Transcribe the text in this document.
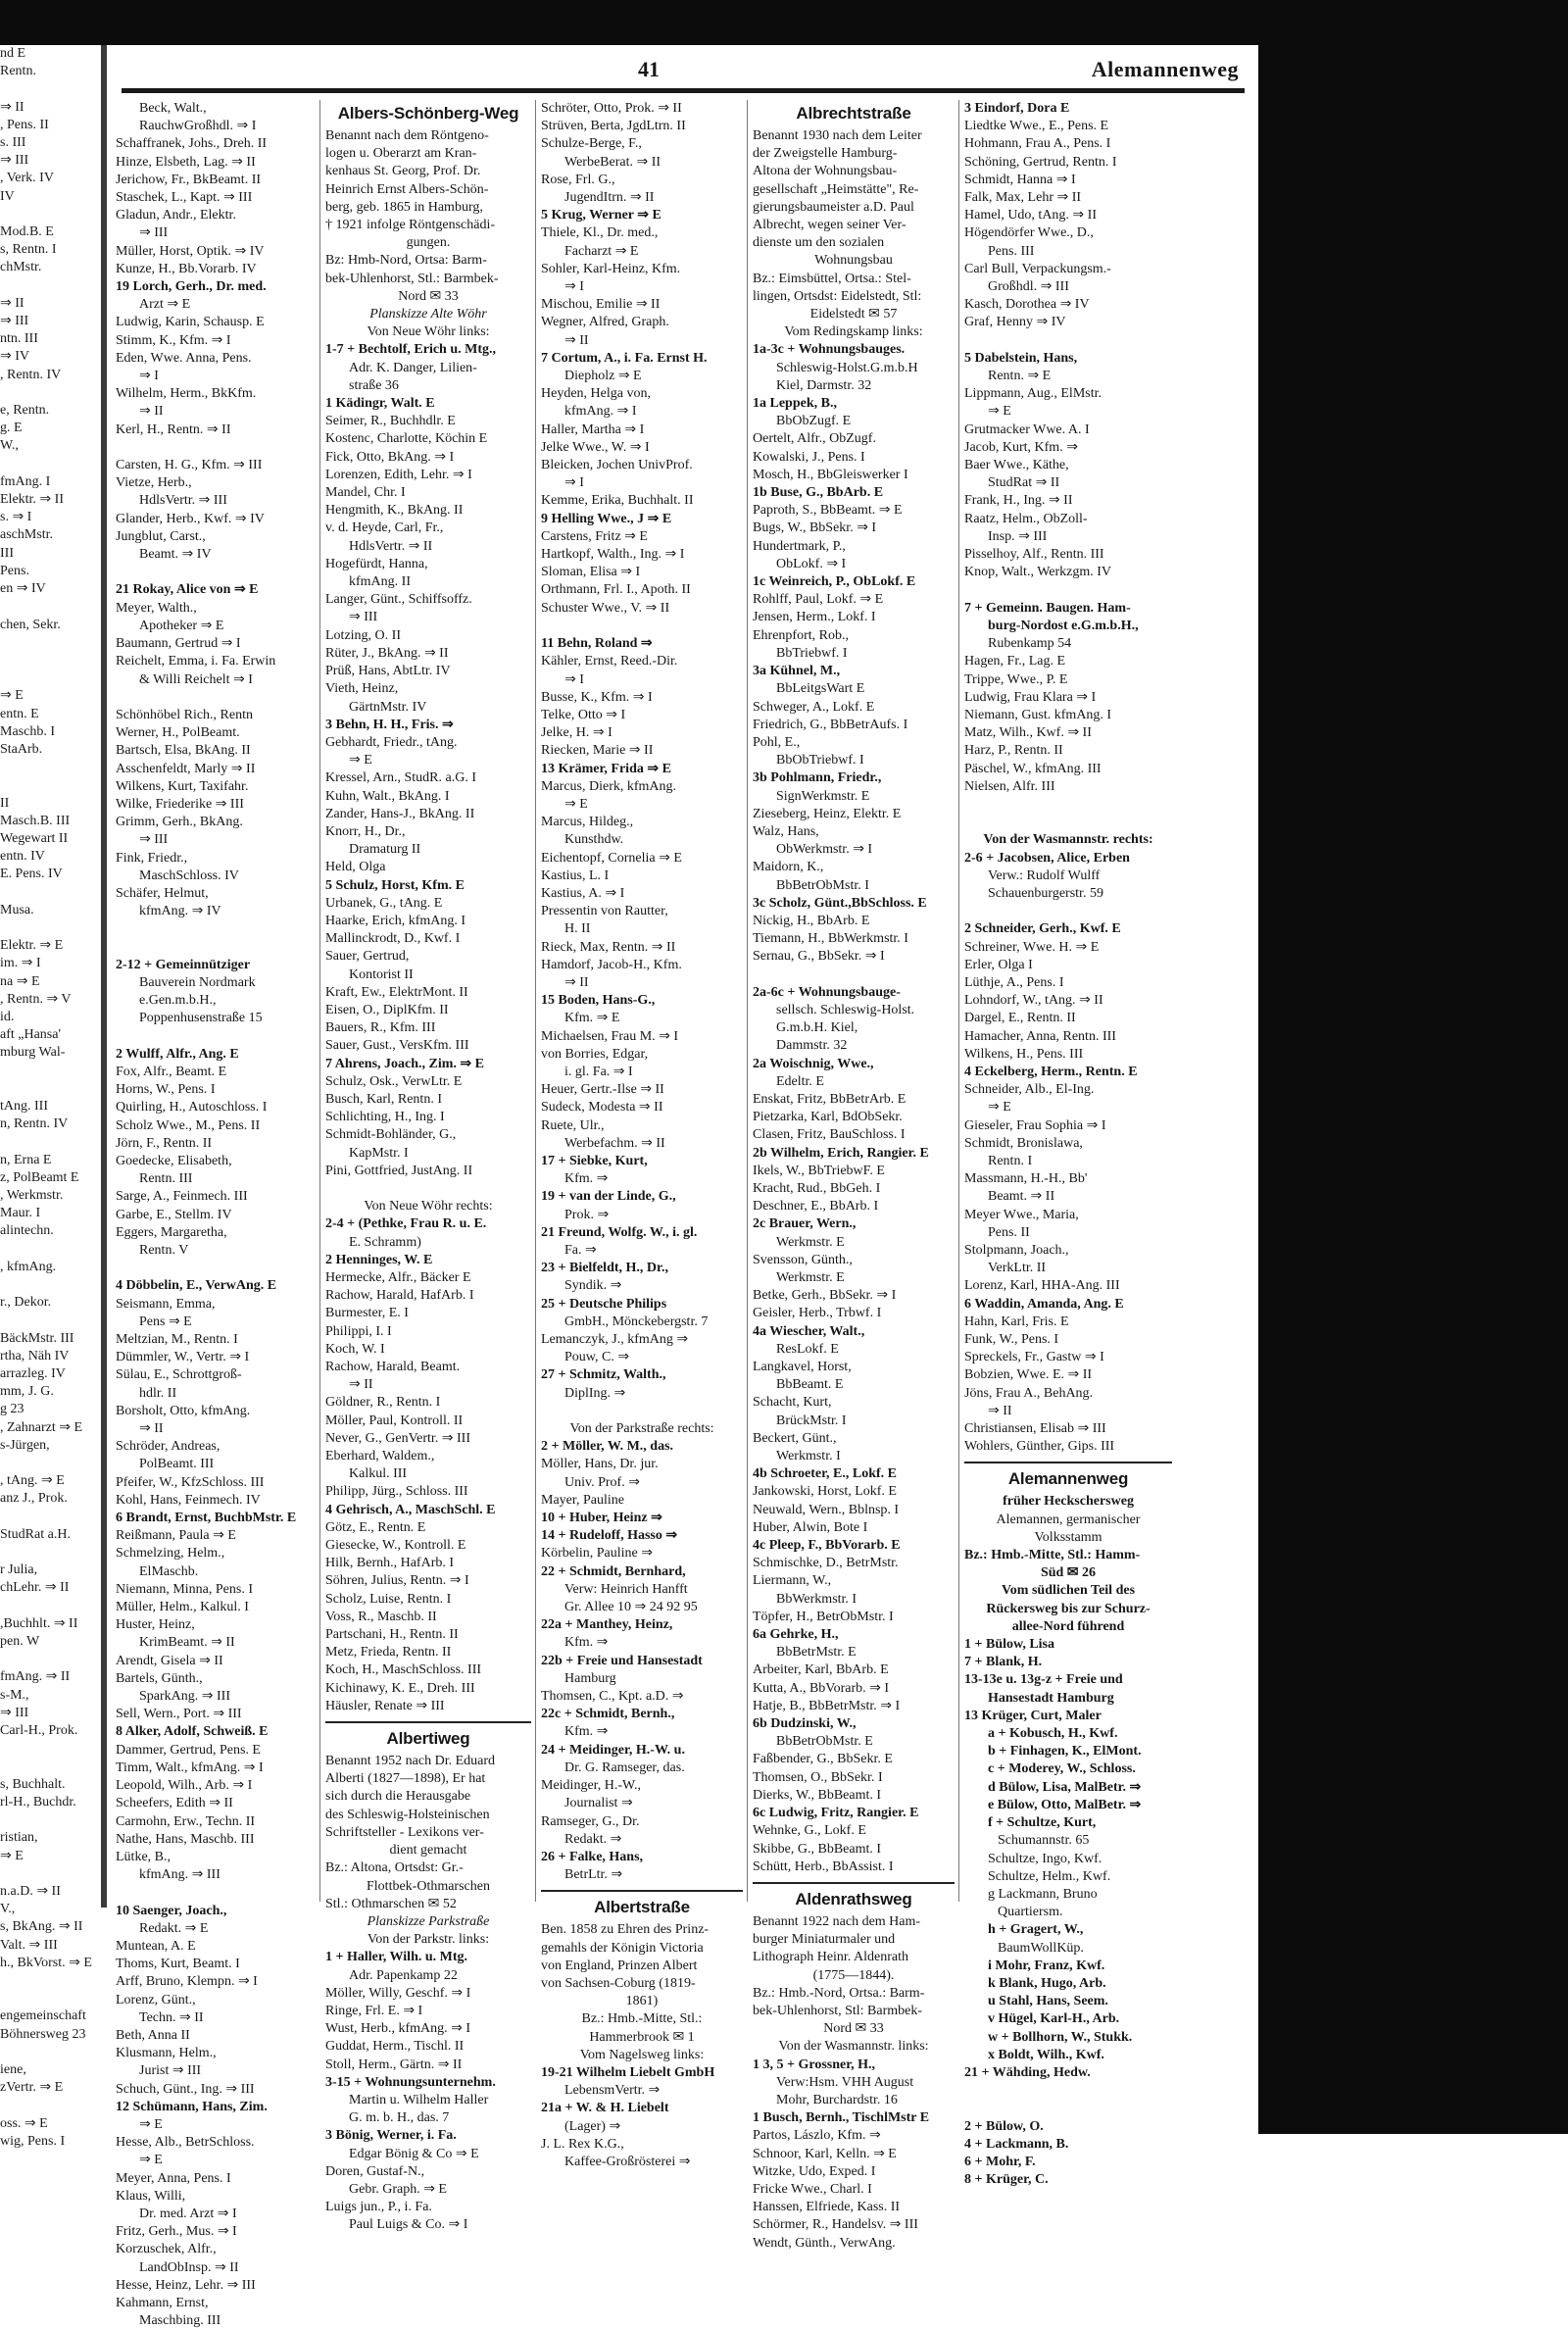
nd E
Rentn.

⇒ II
, Pens. II
s. III
⇒ III
, Verk. IV
IV

Mod.B. E
s, Rentn. I
chMstr.

⇒ II
⇒ III
ntn. III
⇒ IV
, Rentn. IV

e, Rentn.
g. E
W.,

fmAng. I
Elektr. ⇒ II
s. ⇒ I
aschMstr.
III
Pens.
en ⇒ IV

chen, Sekr.

⇒ E
entn. E
Maschb. I
StaArb.

II
Masch.B. III
Wegewart II
entn. IV
E. Pens. IV

Musa.

Elektr. ⇒ E
im. ⇒ I
na ⇒ E
, Rentn. ⇒ V
id.
aft „Hansa'
mburg Wal-

tAng. III
n, Rentn. IV

n, Erna E
z, PolBeamt E
, Werkmstr.
Maur. I
alintechn.

, kfmAng.

r., Dekor.

BäckMstr. III
rtha, Näh IV
arrazleg. IV
mm, J. G.
g 23
, Zahnarzt ⇒ E
s-Jürgen,

, tAng. ⇒ E
anz J., Prok.

StudRat a.H.

r Julia,
chLehr. ⇒ II

,Buchhlt. ⇒ II
pen. W

fmAng. ⇒ II
s-M.,
⇒ III
Carl-H., Prok.

s, Buchhalt.
rl-H., Buchdr.

ristian,
⇒ E

n.a.D. ⇒ II
V.,
s, BkAng. ⇒ II
Valt. ⇒ III
h., BkVorst. ⇒ E

engemeinschaft
Böhnersweg 23

iene,
zVertr. ⇒ E

oss. ⇒ E
wig, Pens. I
41	Alemannenweg
Beck, Walt.,
RauchwGroßhdl. ⇒ I
Schaffranek, Johs., Dreh. II
Hinze, Elsbeth, Lag. ⇒ II
Jerichow, Fr., BkBeamt. II
Staschek, L., Kapt. ⇒ III
Gladun, Andr., Elektr.
⇒ III
Müller, Horst, Optik. ⇒ IV
Kunze, H., Bb.Vorarb. IV
19 Lorch, Gerh., Dr. med.
Arzt ⇒ E
Ludwig, Karin, Schausp. E
Stimm, K., Kfm. ⇒ I
Eden, Wwe. Anna, Pens.
⇒ I
Wilhelm, Herm., BkKfm.
⇒ II
Kerl, H., Rentn. ⇒ II

Carsten, H. G., Kfm. ⇒ III
Vietze, Herb.,
HdlsVertr. ⇒ III
Glander, Herb., Kwf. ⇒ IV
Jungblut, Carst.,
Beamt. ⇒ IV

21 Rokay, Alice von ⇒ E
Meyer, Walth.,
Apotheker ⇒ E
Baumann, Gertrud ⇒ I
Reichelt, Emma, i. Fa. Erwin
& Willi Reichelt ⇒ I

Schönhöbel Rich., Rentn
Werner, H., PolBeamt.
Bartsch, Elsa, BkAng. II
Asschenfeldt, Marly ⇒ II
Wilkens, Kurt, Taxifahr.
Wilke, Friederike ⇒ III
Grimm, Gerh., BkAng.
⇒ III
Fink, Friedr.,
MaschSchloss. IV
Schäfer, Helmut,
kfmAng. ⇒ IV

2-12 + Gemeinnütziger
Bauverein Nordmark
e.Gen.m.b.H.,
Poppenhusenstraße 15

2 Wulff, Alfr., Ang. E
Fox, Alfr., Beamt. E
Horns, W., Pens. I
Quirling, H., Autoschloss. I
Scholz Wwe., M., Pens. II
Jörn, F., Rentn. II
Goedecke, Elisabeth,
Rentn. III
Sarge, A., Feinmech. III
Garbe, E., Stellm. IV
Eggers, Margaretha,
Rentn. V

4 Döbbelin, E., VerwAng. E
Seismann, Emma,
Pens ⇒ E
Meltzian, M., Rentn. I
Dümmler, W., Vertr. ⇒ I
Sülau, E., Schrottgroß-
hdlr. II
Borsholt, Otto, kfmAng.
⇒ II
Schröder, Andreas,
PolBeamt. III
Pfeifer, W., KfzSchloss. III
Kohl, Hans, Feinmech. IV
6 Brandt, Ernst, BuchbMstr. E
Reißmann, Paula ⇒ E
Schmelzing, Helm.,
ElMaschb.
Niemann, Minna, Pens. I
Müller, Helm., Kalkul. I
Huster, Heinz,
KrimBeamt. ⇒ II
Arendt, Gisela ⇒ II
Bartels, Günth.,
SparkAng. ⇒ III
Sell, Wern., Port. ⇒ III
8 Alker, Adolf, Schweiß. E
Dammer, Gertrud, Pens. E
Timm, Walt., kfmAng. ⇒ I
Leopold, Wilh., Arb. ⇒ I
Scheefers, Edith ⇒ II
Carmohn, Erw., Techn. II
Nathe, Hans, Maschb. III
Lütke, B.,
kfmAng. ⇒ III

10 Saenger, Joach.,
Redakt. ⇒ E
Muntean, A. E
Thoms, Kurt, Beamt. I
Arff, Bruno, Klempn. ⇒ I
Lorenz, Günt.,
Techn. ⇒ II
Beth, Anna II
Klusmann, Helm.,
Jurist ⇒ III
Schuch, Günt., Ing. ⇒ III
12 Schümann, Hans, Zim.
⇒ E
Hesse, Alb., BetrSchloss.
⇒ E
Meyer, Anna, Pens. I
Klaus, Willi,
Dr. med. Arzt ⇒ I
Fritz, Gerh., Mus. ⇒ I
Korzuschek, Alfr.,
LandObInsp. ⇒ II
Hesse, Heinz, Lehr. ⇒ III
Kahmann, Ernst,
Maschbing. III
Albers-Schönberg-Weg
Benannt nach dem Röntgeno-
logen u. Oberarzt am Kran-
kenhaus St. Georg, Prof. Dr.
Heinrich Ernst Albers-Schön-
berg, geb. 1865 in Hamburg,
† 1921 infolge Röntgenschädi-
gungen.
Bz: Hmb-Nord, Ortsa: Barm-
bek-Uhlenhorst, Stl.: Barmbek-
Nord ✉ 33
Planskizze Alte Wöhr
Von Neue Wöhr links:
1-7 + Bechtolf, Erich u. Mtg.,
Adr. K. Danger, Lilien-
straße 36
1 Kädingr, Walt. E
Seimer, R., Buchhdlr. E
Kostenc, Charlotte, Köchin E
Fick, Otto, BkAng. ⇒ I
Lorenzen, Edith, Lehr. ⇒ I
Mandel, Chr. I
Hengmith, K., BkAng. II
v. d. Heyde, Carl, Fr.,
HdlsVertr. ⇒ II
Hogefürdt, Hanna,
kfmAng. II
Langer, Günt., Schiffsoffz.
⇒ III
Lotzing, O. II
Rüter, J., BkAng. ⇒ II
Prüß, Hans, AbtLtr. IV
Vieth, Heinz,
GärtnMstr. IV
3 Behn, H. H., Fris. ⇒
Gebhardt, Friedr., tAng.
⇒ E
Kressel, Arn., StudR. a.G. I
Kuhn, Walt., BkAng. I
Zander, Hans-J., BkAng. II
Knorr, H., Dr.,
Dramaturg II
Held, Olga
5 Schulz, Horst, Kfm. E
Urbanek, G., tAng. E
Haarke, Erich, kfmAng. I
Mallinckrodt, D., Kwf. I
Sauer, Gertrud,
Kontorist II
Kraft, Ew., ElektrMont. II
Eisen, O., DiplKfm. II
Bauers, R., Kfm. III
Sauer, Gust., VersKfm. III
7 Ahrens, Joach., Zim. ⇒ E
Schulz, Osk., VerwLtr. E
Busch, Karl, Rentn. I
Schlichting, H., Ing. I
Schmidt-Bohländer, G.,
KapMstr. I
Pini, Gottfried, JustAng. II

Von Neue Wöhr rechts:
2-4 + (Pethke, Frau R. u. E.
E. Schramm)
2 Henninges, W. E
Hermecke, Alfr., Bäcker E
Rachow, Harald, HafArb. I
Burmester, E. I
Philippi, I. I
Koch, W. I
Rachow, Harald, Beamt.
⇒ II
Göldner, R., Rentn. I
Möller, Paul, Kontroll. II
Never, G., GenVertr. ⇒ III
Eberhard, Waldem.,
Kalkul. III
Philipp, Jürg., Schloss. III
4 Gehrisch, A., MaschSchl. E
Götz, E., Rentn. E
Giesecke, W., Kontroll. E
Hilk, Bernh., HafArb. I
Söhren, Julius, Rentn. ⇒ I
Scholz, Luise, Rentn. I
Voss, R., Maschb. II
Partschani, H., Rentn. II
Metz, Frieda, Rentn. II
Koch, H., MaschSchloss. III
Kichinawy, K. E., Dreh. III
Häusler, Renate ⇒ III
Albertiweg
Benannt 1952 nach Dr. Eduard
Alberti (1827—1898), Er hat
sich durch die Herausgabe
des Schleswig-Holsteinischen
Schriftsteller - Lexikons ver-
dient gemacht
Bz.: Altona, Ortsdst: Gr.-
Flottbek-Othmarschen
Stl.: Othmarschen ✉ 52
Planskizze Parkstraße
Von der Parkstr. links:
1 + Haller, Wilh. u. Mtg.
Adr. Papenkamp 22
Möller, Willy, Geschf. ⇒ I
Ringe, Frl. E. ⇒ I
Wust, Herb., kfmAng. ⇒ I
Guddat, Herm., Tischl. II
Stoll, Herm., Gärtn. ⇒ II
3-15 + Wohnungsunternehm.
Martin u. Wilhelm Haller
G. m. b. H., das. 7
3 Bönig, Werner, i. Fa.
Edgar Bönig & Co ⇒ E
Doren, Gustaf-N.,
Gebr. Graph. ⇒ E
Luigs jun., P., i. Fa.
Paul Luigs & Co. ⇒ I
Schröter, Otto, Prok. ⇒ II
Strüven, Berta, JgdLtrn. II
Schulze-Berge, F.,
WerbeBerat. ⇒ II
Rose, Frl. G.,
JugendItrn. ⇒ II
5 Krug, Werner ⇒ E
Thiele, Kl., Dr. med.,
Facharzt ⇒ E
Sohler, Karl-Heinz, Kfm.
⇒ I
Mischou, Emilie ⇒ II
Wegner, Alfred, Graph.
⇒ II
7 Cortum, A., i. Fa. Ernst H.
Diepholz ⇒ E
Heyden, Helga von,
kfmAng. ⇒ I
Haller, Martha ⇒ I
Jelke Wwe., W. ⇒ I
Bleicken, Jochen UnivProf.
⇒ I
Kemme, Erika, Buchhalt. II
9 Helling Wwe., J ⇒ E
Carstens, Fritz ⇒ E
Hartkopf, Walth., Ing. ⇒ I
Sloman, Elisa ⇒ I
Orthmann, Frl. I., Apoth. II
Schuster Wwe., V. ⇒ II

11 Behn, Roland ⇒
Kähler, Ernst, Reed.-Dir.
⇒ I
Busse, K., Kfm. ⇒ I
Telke, Otto ⇒ I
Jelke, H. ⇒ I
Riecken, Marie ⇒ II
13 Krämer, Frida ⇒ E
Marcus, Dierk, kfmAng.
⇒ E
Marcus, Hildeg.,
Kunsthdw.
Eichentopf, Cornelia ⇒ E
Kastius, L. I
Kastius, A. ⇒ I
Pressentin von Rautter,
H. II
Rieck, Max, Rentn. ⇒ II
Hamdorf, Jacob-H., Kfm.
⇒ II
15 Boden, Hans-G.,
Kfm. ⇒ E
Michaelsen, Frau M. ⇒ I
von Borries, Edgar,
i. gl. Fa. ⇒ I
Heuer, Gertr.-Ilse ⇒ II
Sudeck, Modesta ⇒ II
Ruete, Ulr.,
Werbefachm. ⇒ II
17 + Siebke, Kurt,
Kfm. ⇒
19 + van der Linde, G.,
Prok. ⇒
21 Freund, Wolfg. W., i. gl.
Fa. ⇒
23 + Bielfeldt, H., Dr.,
Syndik. ⇒
25 + Deutsche Philips
GmbH., Mönckebergstr. 7
Lemanczyk, J., kfmAng ⇒
Pouw, C. ⇒
27 + Schmitz, Walth.,
DiplIng. ⇒

Von der Parkstraße rechts:
2 + Möller, W. M., das.
Möller, Hans, Dr. jur.
Univ. Prof. ⇒
Mayer, Pauline
10 + Huber, Heinz ⇒
14 + Rudeloff, Hasso ⇒
Körbelin, Pauline ⇒
22 + Schmidt, Bernhard,
Verw: Heinrich Hanfft
Gr. Allee 10 ⇒ 24 92 95
22a + Manthey, Heinz,
Kfm. ⇒
22b + Freie und Hansestadt
Hamburg
Thomsen, C., Kpt. a.D. ⇒
22c + Schmidt, Bernh.,
Kfm. ⇒
24 + Meidinger, H.-W. u.
Dr. G. Ramseger, das.
Meidinger, H.-W.,
Journalist ⇒
Ramseger, G., Dr.
Redakt. ⇒
26 + Falke, Hans,
BetrLtr. ⇒
Albertstraße
Ben. 1858 zu Ehren des Prinz-
gemahls der Königin Victoria
von England, Prinzen Albert
von Sachsen-Coburg (1819-
1861)
Bz.: Hmb.-Mitte, Stl.:
Hammerbrook ✉ 1
Vom Nagelsweg links:
19-21 Wilhelm Liebelt GmbH
LebensmVertr. ⇒
21a + W. & H. Liebelt
(Lager) ⇒
J. L. Rex K.G.,
Kaffee-Großrösterei ⇒
Albrechtstraße
Benannt 1930 nach dem Leiter
der Zweigstelle Hamburg-
Altona der Wohnungsbau-
gesellschaft „Heimstätte", Re-
gierungsbaumeister a.D. Paul
Albrecht, wegen seiner Ver-
dienste um den sozialen
Wohnungsbau
Bz.: Eimsbüttel, Ortsa.: Stel-
lingen, Ortsdst: Eidelstedt, Stl:
Eidelstedt ✉ 57
Vom Redingskamp links:
1a-3c + Wohnungsbauges.
Schleswig-Holst.G.m.b.H
Kiel, Darmstr. 32
1a Leppek, B.,
BbObZugf. E
Oertelt, Alfr., ObZugf.
Kowalski, J., Pens. I
Mosch, H., BbGleiswerker I
1b Buse, G., BbArb. E
Paproth, S., BbBeamt. ⇒ E
Bugs, W., BbSekr. ⇒ I
Hundertmark, P.,
ObLokf. ⇒ I
1c Weinreich, P., ObLokf. E
Rohlff, Paul, Lokf. ⇒ E
Jensen, Herm., Lokf. I
Ehrenpfort, Rob.,
BbTriebwf. I
3a Kühnel, M.,
BbLeitgsWart E
Schweger, A., Lokf. E
Friedrich, G., BbBetrAufs. I
Pohl, E.,
BbObTriebwf. I
3b Pohlmann, Friedr.,
SignWerkmstr. E
Zieseberg, Heinz, Elektr. E
Walz, Hans,
ObWerkmstr. ⇒ I
Maidorn, K.,
BbBetrObMstr. I
3c Scholz, Günt.,BbSchloss. E
Nickig, H., BbArb. E
Tiemann, H., BbWerkmstr. I
Sernau, G., BbSekr. ⇒ I

2a-6c + Wohnungsbauge-
sellsch. Schleswig-Holst.
G.m.b.H. Kiel,
Dammstr. 32
2a Woischnig, Wwe.,
Edeltr. E
Enskat, Fritz, BbBetrArb. E
Pietzarka, Karl, BdObSekr.
Clasen, Fritz, BauSchloss. I
2b Wilhelm, Erich, Rangier. E
Ikels, W., BbTriebwF. E
Kracht, Rud., BbGeh. I
Deschner, E., BbArb. I
2c Brauer, Wern.,
Werkmstr. E
Svensson, Günth.,
Werkmstr. E
Betke, Gerh., BbSekr. ⇒ I
Geisler, Herb., Trbwf. I
4a Wiescher, Walt.,
ResLokf. E
Langkavel, Horst,
BbBeamt. E
Schacht, Kurt,
BrückMstr. I
Beckert, Günt.,
Werkmstr. I
4b Schroeter, E., Lokf. E
Jankowski, Horst, Lokf. E
Neuwald, Wern., Bblnsp. I
Huber, Alwin, Bote I
4c Pleep, F., BbVorarb. E
Schmischke, D., BetrMstr.
Liermann, W.,
BbWerkmstr. I
Töpfer, H., BetrObMstr. I
6a Gehrke, H.,
BbBetrMstr. E
Arbeiter, Karl, BbArb. E
Kutta, A., BbVorarb. ⇒ I
Hatje, B., BbBetrMstr. ⇒ I
6b Dudzinski, W.,
BbBetrObMstr. E
Faßbender, G., BbSekr. E
Thomsen, O., BbSekr. I
Dierks, W., BbBeamt. I
6c Ludwig, Fritz, Rangier. E
Wehnke, G., Lokf. E
Skibbe, G., BbBeamt. I
Schütt, Herb., BbAssist. I
Aldenrathsweg
Benannt 1922 nach dem Ham-
burger Miniaturmaler und
Lithograph Heinr. Aldenrath
(1775—1844).
Bz.: Hmb.-Nord, Ortsa.: Barm-
bek-Uhlenhorst, Stl: Barmbek-
Nord ✉ 33
Von der Wasmannstr. links:
1 3, 5 + Grossner, H.,
Verw:Hsm. VHH August
Mohr, Burchardstr. 16
1 Busch, Bernh., TischlMstr E
Partos, Lászlo, Kfm. ⇒
Schnoor, Karl, Kelln. ⇒ E
Witzke, Udo, Exped. I
Fricke Wwe., Charl. I
Hanssen, Elfriede, Kass. II
Schörmer, R., Handelsv. ⇒ III
Wendt, Günth., VerwAng.
3 Eindorf, Dora E
Liedtke Wwe., E., Pens. E
Hohmann, Frau A., Pens. I
Schöning, Gertrud, Rentn. I
Schmidt, Hanna ⇒ I
Falk, Max, Lehr ⇒ II
Hamel, Udo, tAng. ⇒ II
Högendörfer Wwe., D.,
Pens. III
Carl Bull, Verpackungsm.-
Großhdl. ⇒ III
Kasch, Dorothea ⇒ IV
Graf, Henny ⇒ IV

5 Dabelstein, Hans,
Rentn. ⇒ E
Lippmann, Aug., ElMstr.
⇒ E
Grutmacker Wwe. A. I
Jacob, Kurt, Kfm. ⇒
Baer Wwe., Käthe,
StudRat ⇒ II
Frank, H., Ing. ⇒ II
Raatz, Helm., ObZoll-
Insp. ⇒ III
Pisselhoy, Alf., Rentn. III
Knop, Walt., Werkzgm. IV

7 + Gemeinn. Baugen. Ham-
burg-Nordost e.G.m.b.H.,
Rubenkamp 54
Hagen, Fr., Lag. E
Trippe, Wwe., P. E
Ludwig, Frau Klara ⇒ I
Niemann, Gust. kfmAng. I
Matz, Wilh., Kwf. ⇒ II
Harz, P., Rentn. II
Päschel, W., kfmAng. III
Nielsen, Alfr. III

Von der Wasmannstr. rechts:
2-6 + Jacobsen, Alice, Erben
Verw.: Rudolf Wulff
Schauenburgerstr. 59

2 Schneider, Gerh., Kwf. E
Schreiner, Wwe. H. ⇒ E
Erler, Olga I
Lüthje, A., Pens. I
Lohndorf, W., tAng. ⇒ II
Dargel, E., Rentn. II
Hamacher, Anna, Rentn. III
Wilkens, H., Pens. III
4 Eckelberg, Herm., Rentn. E
Schneider, Alb., El-Ing.
⇒ E
Gieseler, Frau Sophia ⇒ I
Schmidt, Bronislawa,
Rentn. I
Massmann, H.-H., Bb'
Beamt. ⇒ II
Meyer Wwe., Maria,
Pens. II
Stolpmann, Joach.,
VerkLtr. II
Lorenz, Karl, HHA-Ang. III
6 Waddin, Amanda, Ang. E
Hahn, Karl, Fris. E
Funk, W., Pens. I
Spreckels, Fr., Gastw ⇒ I
Bobzien, Wwe. E. ⇒ II
Jöns, Frau A., BehAng.
⇒ II
Christiansen, Elisab ⇒ III
Wohlers, Günther, Gips. III
Alemannenweg
früher Heckschersweg
Alemannen, germanischer
Volksstamm
Bz.: Hmb.-Mitte, Stl.: Hamm-
Süd ✉ 26
Vom südlichen Teil des
Rückersweg bis zur Schurz-
allee-Nord führend
1 + Bülow, Lisa
7 + Blank, H.
13-13e u. 13g-z + Freie und
Hansestadt Hamburg
13 Krüger, Curt, Maler
a + Kobusch, H., Kwf.
b + Finhagen, K., ElMont.
c + Moderey, W., Schloss.
d Bülow, Lisa, MalBetr. ⇒
e Bülow, Otto, MalBetr. ⇒
f + Schultze, Kurt,
Schumannstr. 65
Schultze, Ingo, Kwf.
Schultze, Helm., Kwf.
g Lackmann, Bruno
Quartiersm.
h + Gragert, W.,
BaumWollKüp.
i Mohr, Franz, Kwf.
k Blank, Hugo, Arb.
u Stahl, Hans, Seem.
v Hügel, Karl-H., Arb.
w + Bollhorn, W., Stukk.
x Boldt, Wilh., Kwf.
21 + Wähding, Hedw.

2 + Bülow, O.
4 + Lackmann, B.
6 + Mohr, F.
8 + Krüger, C.
